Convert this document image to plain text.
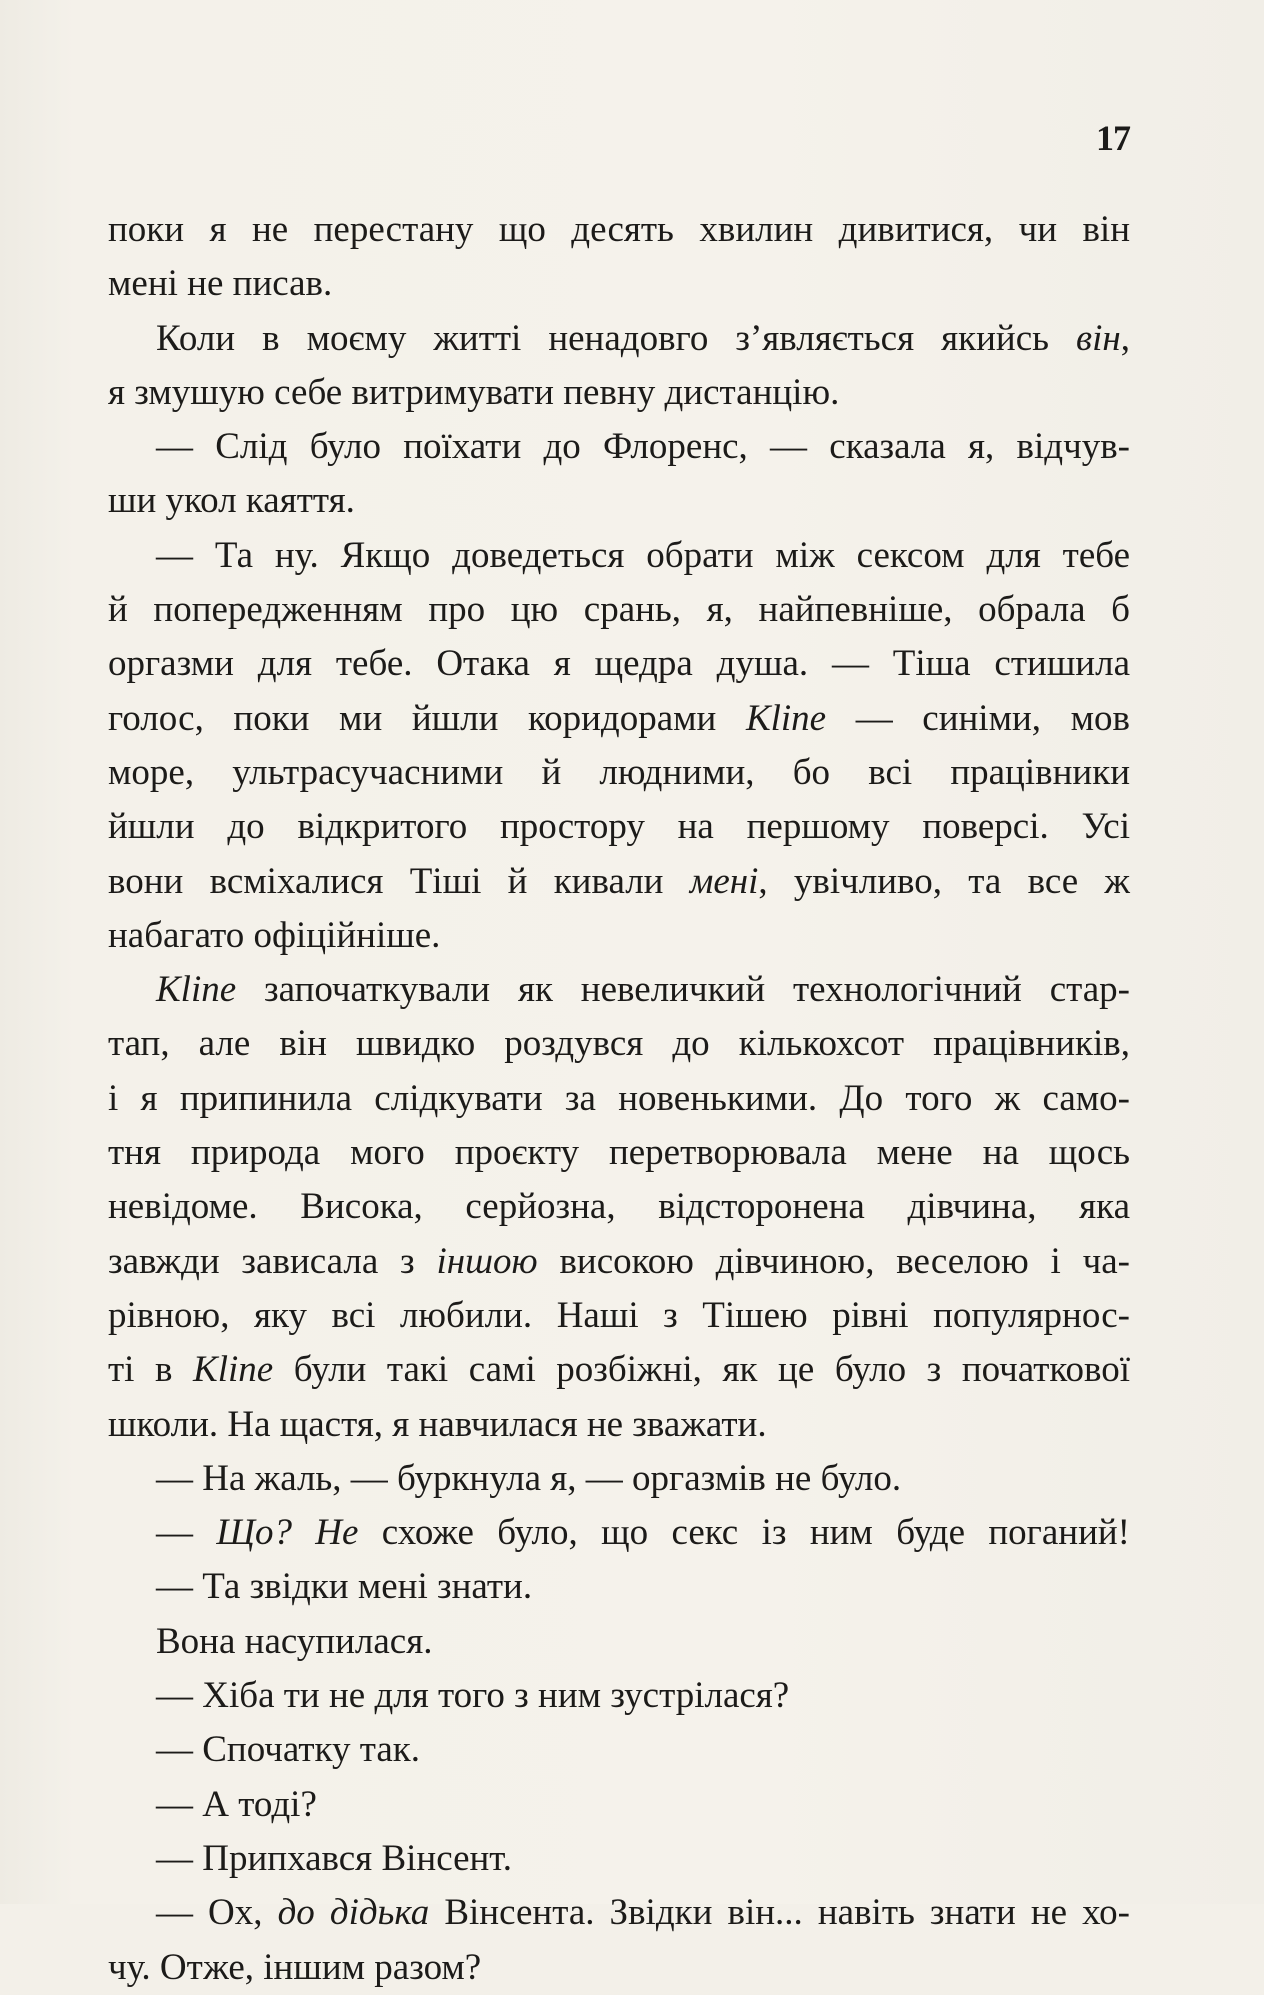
17
поки я не перестану що десять хвилин дивитися, чи він
мені не писав.
Коли в моєму житті ненадовго з’являється якийсь він,
я змушую себе витримувати певну дистанцію.
— Слід було поїхати до Флоренс, — сказала я, відчув-
ши укол каяття.
— Та ну. Якщо доведеться обрати між сексом для тебе
й попередженням про цю срань, я, найпевніше, обрала б
оргазми для тебе. Отака я щедра душа. — Тіша стишила
голос, поки ми йшли коридорами Kline — синіми, мов
море, ультрасучасними й людними, бо всі працівники
йшли до відкритого простору на першому поверсі. Усі
вони всміхалися Тіші й кивали мені, увічливо, та все ж
набагато офіційніше.
Kline започаткували як невеличкий технологічний стар-
тап, але він швидко роздувся до кількохсот працівників,
і я припинила слідкувати за новенькими. До того ж само-
тня природа мого проєкту перетворювала мене на щось
невідоме. Висока, серйозна, відсторонена дівчина, яка
завжди зависала з іншою високою дівчиною, веселою і ча-
рівною, яку всі любили. Наші з Тішею рівні популярнос-
ті в Kline були такі самі розбіжні, як це було з початкової
школи. На щастя, я навчилася не зважати.
— На жаль, — буркнула я, — оргазмів не було.
— Що? Не схоже було, що секс із ним буде поганий!
— Та звідки мені знати.
Вона насупилася.
— Хіба ти не для того з ним зустрілася?
— Спочатку так.
— А тоді?
— Припхався Вінсент.
— Ох, до дідька Вінсента. Звідки він... навіть знати не хо-
чу. Отже, іншим разом?
